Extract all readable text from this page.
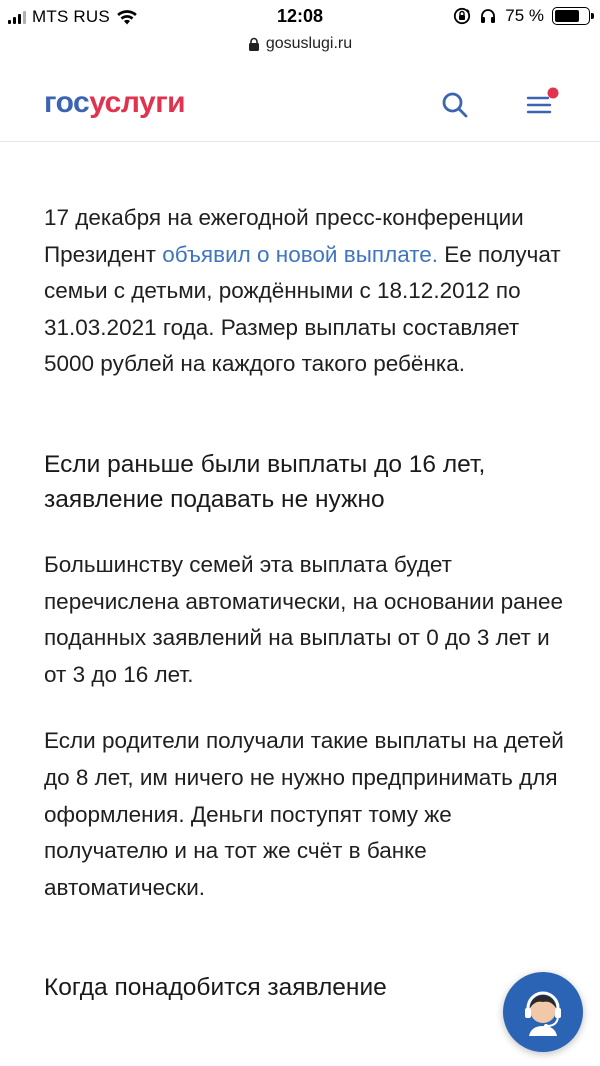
MTS RUS	12:08	75 %
gosuslugi.ru
госуслуги

17 декабря на ежегодной пресс-конференции Президент объявил о новой выплате. Ее получат семьи с детьми, рождёнными с 18.12.2012 по 31.03.2021 года. Размер выплаты составляет 5000 рублей на каждого такого ребёнка.

Если раньше были выплаты до 16 лет, заявление подавать не нужно

Большинству семей эта выплата будет перечислена автоматически, на основании ранее поданных заявлений на выплаты от 0 до 3 лет и от 3 до 16 лет.

Если родители получали такие выплаты на детей до 8 лет, им ничего не нужно предпринимать для оформления. Деньги поступят тому же получателю и на тот же счёт в банке автоматически.

Когда понадобится заявление
